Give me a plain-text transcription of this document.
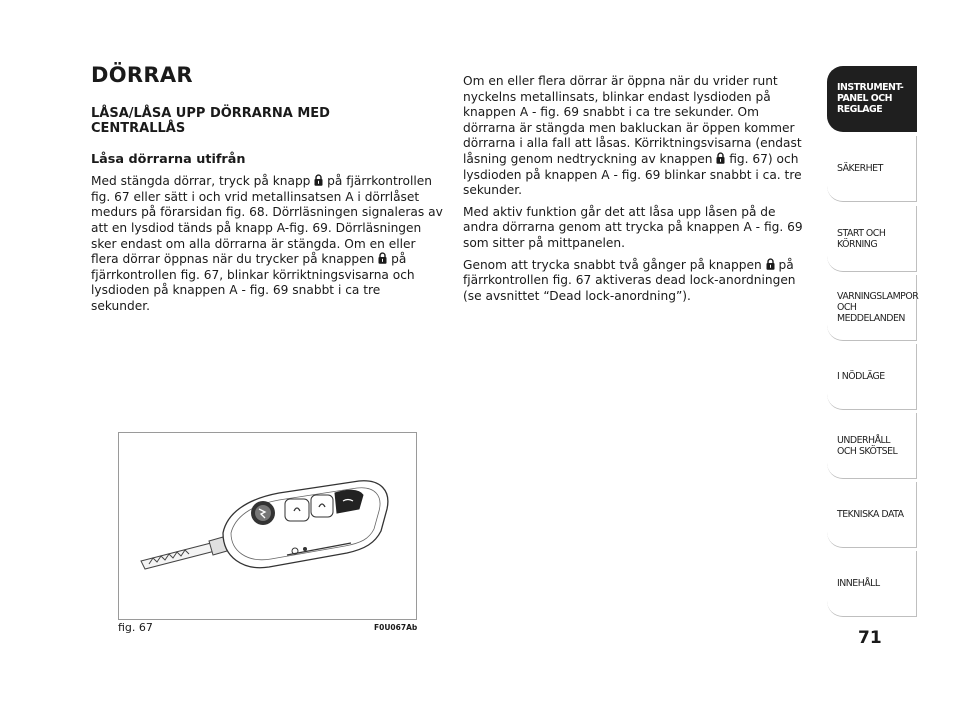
DÖRRAR
LÅSA/LÅSA UPP DÖRRARNA MED
CENTRALLÅS
Låsa dörrarna utifrån

Med stängda dörrar, tryck på knapp
på fjärrkontrollen fig. 67 eller sätt i och vrid metallinsatsen A i dörrlåset medurs på förarsidan fig. 68. Dörrläsningen signaleras av att en lysdiod tänds på knapp A-fig. 69. Dörrläsningen sker endast om alla dörrarna är stängda. Om en eller flera dörrar öppnas när du trycker på knappen
på fjärrkontrollen fig. 67, blinkar körriktningsvisarna och lysdioden på knappen A - fig. 69 snabbt i ca tre sekunder.

Om en eller flera dörrar är öppna när du vrider runt nyckelns metallinsats, blinkar endast lysdioden på knappen A - fig. 69 snabbt i ca tre sekunder. Om dörrarna är stängda men bakluckan är öppen kommer dörrarna i alla fall att låsas. Körriktningsvisarna (endast låsning genom nedtryckning av knappen
fig. 67) och lysdioden på knappen A - fig. 69 blinkar snabbt i ca. tre sekunder.

Med aktiv funktion går det att låsa upp låsen på de andra dörrarna genom att trycka på knappen A - fig. 69 som sitter på mittpanelen.

Genom att trycka snabbt två gånger på knappen
på fjärrkontrollen fig. 67 aktiveras dead lock-anordningen (se avsnittet “Dead lock-anordning”).

fig. 67	F0U067Ab
INSTRUMENT-
PANEL OCH
REGLAGE
SÄKERHET
START OCH
KÖRNING
VARNINGSLAMPOR
OCH
MEDDELANDEN
I NÖDLÄGE
UNDERHÅLL
OCH SKÖTSEL
TEKNISKA DATA
INNEHÅLL
71
